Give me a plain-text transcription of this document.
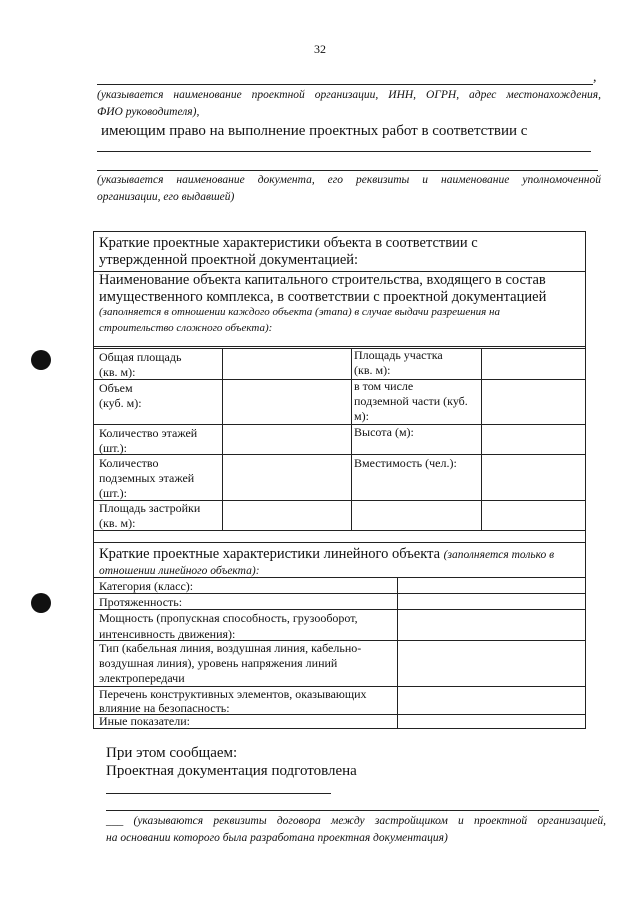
32
,
(указывается наименование проектной организации, ИНН, ОГРН, адрес местонахождения,
ФИО руководителя),
имеющим право на выполнение проектных работ в соответствии с
(указывается наименование документа, его реквизиты и наименование уполномоченной
организации, его выдавшей)
Краткие проектные характеристики объекта в соответствии с
утвержденной проектной документацией:
Наименование объекта капитального строительства, входящего в состав
имущественного комплекса, в соответствии с проектной документацией
(заполняется в отношении каждого объекта (этапа) в случае выдачи разрешения на
строительство сложного объекта):
Общая площадь
(кв. м):
Площадь участка
(кв. м):
Объем
(куб. м):
в том числе
подземной части (куб.
м):
Количество этажей
(шт.):
Высота (м):
Количество
подземных этажей
(шт.):
Вместимость (чел.):
Площадь застройки
(кв. м):
Краткие проектные характеристики линейного объекта (заполняется только в
отношении линейного объекта):
Категория (класс):
Протяженность:
Мощность (пропускная способность, грузооборот,
интенсивность движения):
Тип (кабельная линия, воздушная линия, кабельно-
воздушная линия), уровень напряжения линий
электропередачи
Перечень конструктивных элементов, оказывающих
влияние на безопасность:
Иные показатели:
При этом сообщаем:
Проектная документация подготовлена
___ (указываются реквизиты договора между застройщиком и проектной организацией,
на основании которого была разработана проектная документация)
